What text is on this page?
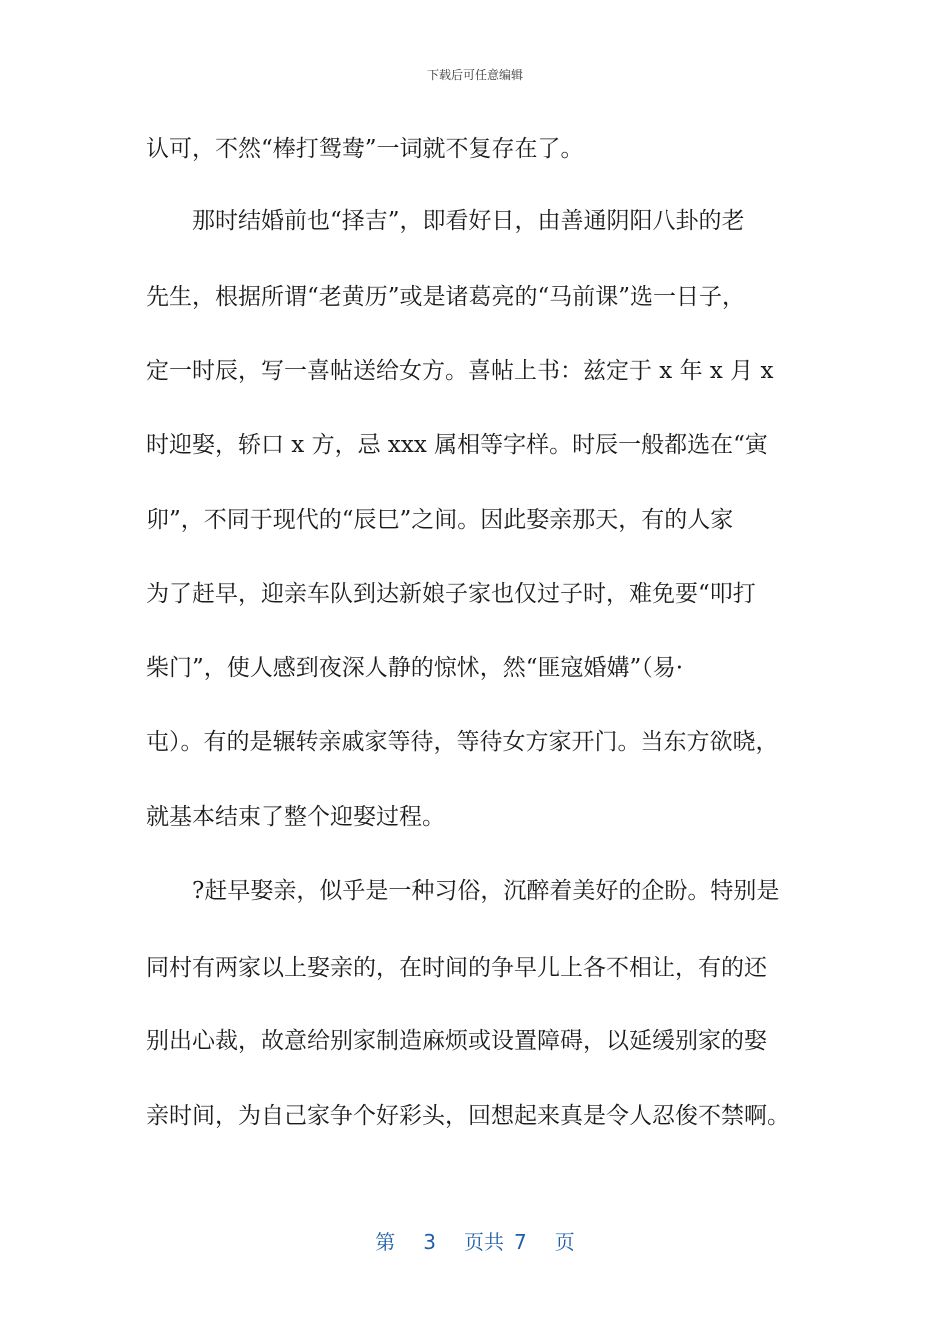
下载后可任意编辑
认可，不然“棒打鸳鸯”一词就不复存在了。
　　那时结婚前也“择吉”，即看好日，由善通阴阳八卦的老
先生，根据所谓“老黄历”或是诸葛亮的“马前课”选一日子，
定一时辰，写一喜帖送给女方。喜帖上书：兹定于 x 年 x 月 x
时迎娶，轿口 x 方，忌 xxx 属相等字样。时辰一般都选在“寅
卯”，不同于现代的“辰巳”之间。因此娶亲那天，有的人家
为了赶早，迎亲车队到达新娘子家也仅过子时，难免要“叩打
柴门”，使人感到夜深人静的惊怵，然“匪寇婚媾”（易·
屯）。有的是辗转亲戚家等待，等待女方家开门。当东方欲晓，
就基本结束了整个迎娶过程。
　　?赶早娶亲，似乎是一种习俗，沉醉着美好的企盼。特别是
同村有两家以上娶亲的，在时间的争早儿上各不相让，有的还
别出心裁，故意给别家制造麻烦或设置障碍，以延缓别家的娶
亲时间，为自己家争个好彩头，回想起来真是令人忍俊不禁啊。
第 3 页共 7 页
